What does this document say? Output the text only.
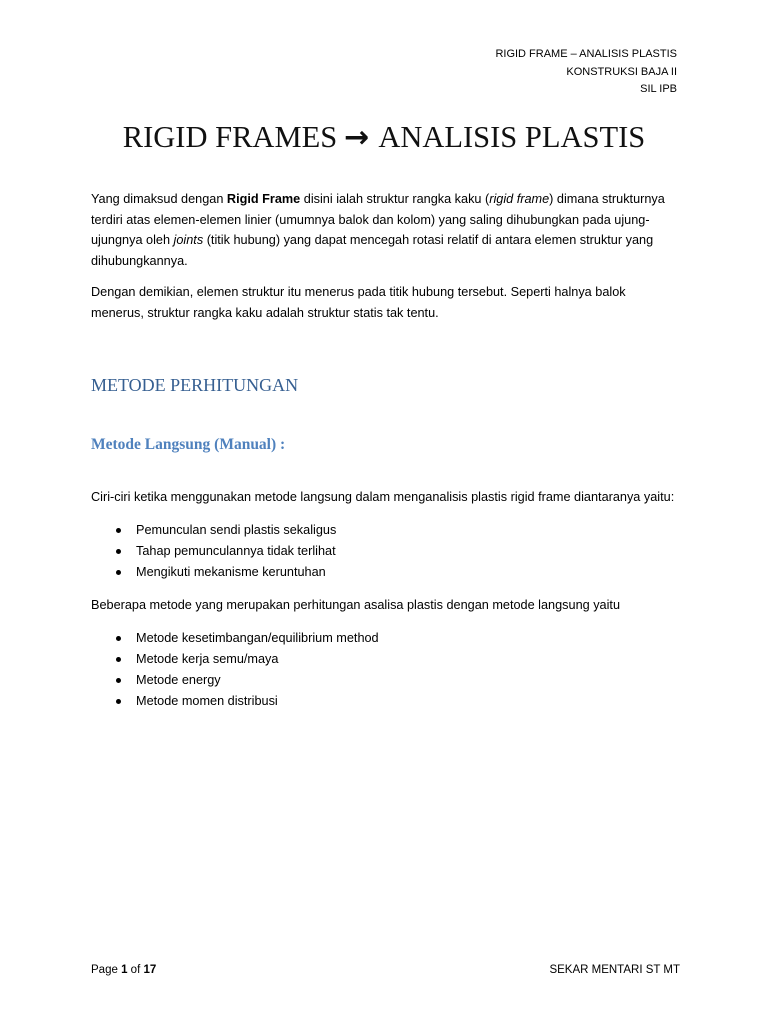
RIGID FRAME – ANALISIS PLASTIS
KONSTRUKSI BAJA II
SIL IPB
RIGID FRAMES → ANALISIS PLASTIS
Yang dimaksud dengan Rigid Frame disini ialah struktur rangka kaku (rigid frame) dimana strukturnya
terdiri atas elemen-elemen linier (umumnya balok dan kolom) yang saling dihubungkan pada ujung-
ujungnya oleh joints (titik hubung) yang dapat mencegah rotasi relatif di antara elemen struktur yang
dihubungkannya.
Dengan demikian, elemen struktur itu menerus pada titik hubung tersebut. Seperti halnya balok
menerus, struktur rangka kaku adalah struktur statis tak tentu.
METODE PERHITUNGAN
Metode Langsung (Manual) :
Ciri-ciri ketika menggunakan metode langsung dalam menganalisis plastis rigid frame diantaranya yaitu:
Pemunculan sendi plastis sekaligus
Tahap pemunculannya tidak terlihat
Mengikuti mekanisme keruntuhan
Beberapa metode yang merupakan perhitungan asalisa plastis dengan metode langsung yaitu
Metode kesetimbangan/equilibrium method
Metode kerja semu/maya
Metode energy
Metode momen distribusi
Page 1 of 17	SEKAR MENTARI ST MT
